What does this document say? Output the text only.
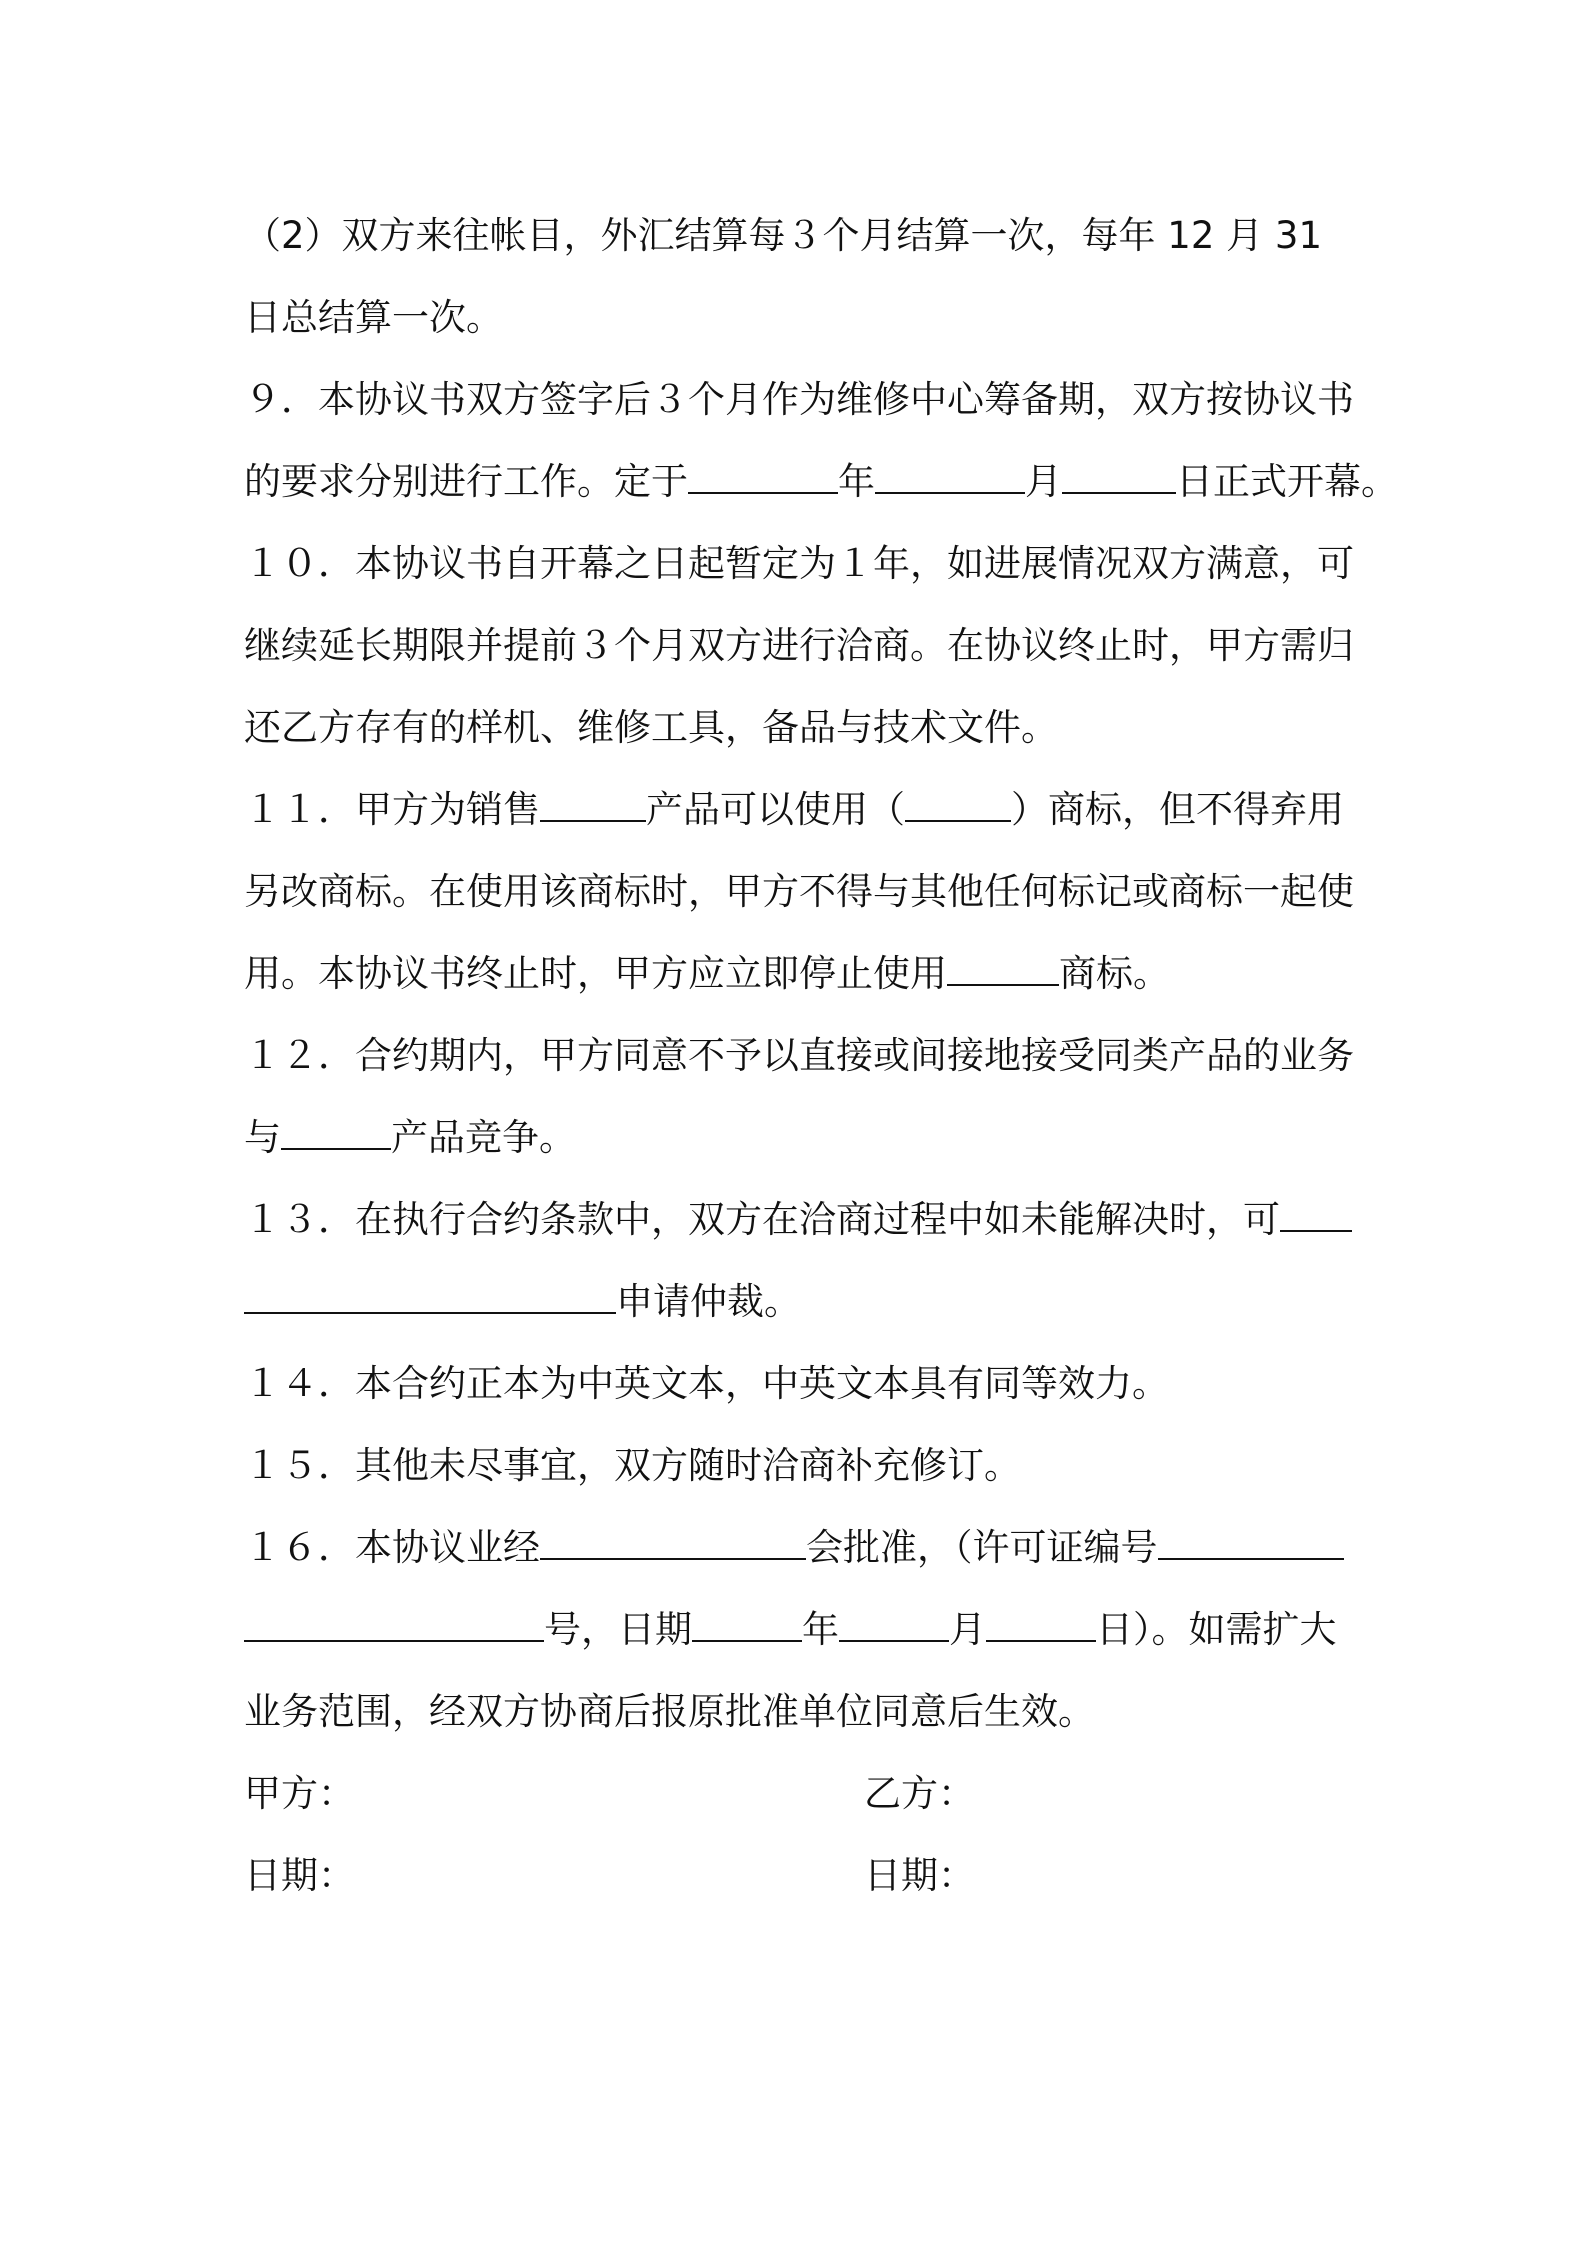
（2）双方来往帐目，外汇结算每３个月结算一次，每年 12 月 31
日总结算一次。
９．本协议书双方签字后３个月作为维修中心筹备期，双方按协议书
的要求分别进行工作。定于	年	月	日正式开幕。
１０．本协议书自开幕之日起暂定为１年，如进展情况双方满意，可
继续延长期限并提前３个月双方进行洽商。在协议终止时，甲方需归
还乙方存有的样机、维修工具，备品与技术文件。
１１．甲方为销售	产品可以使用（	）商标，但不得弃用
另改商标。在使用该商标时，甲方不得与其他任何标记或商标一起使
用。本协议书终止时，甲方应立即停止使用	商标。
１２．合约期内，甲方同意不予以直接或间接地接受同类产品的业务
与	产品竞争。
１３．在执行合约条款中，双方在洽商过程中如未能解决时，可
申请仲裁。
１４．本合约正本为中英文本，中英文本具有同等效力。
１５．其他未尽事宜，双方随时洽商补充修订。
１６．本协议业经	会批准，（许可证编号
号，日期	年	月	日）。如需扩大
业务范围，经双方协商后报原批准单位同意后生效。
甲方：	乙方：
日期：	日期：
